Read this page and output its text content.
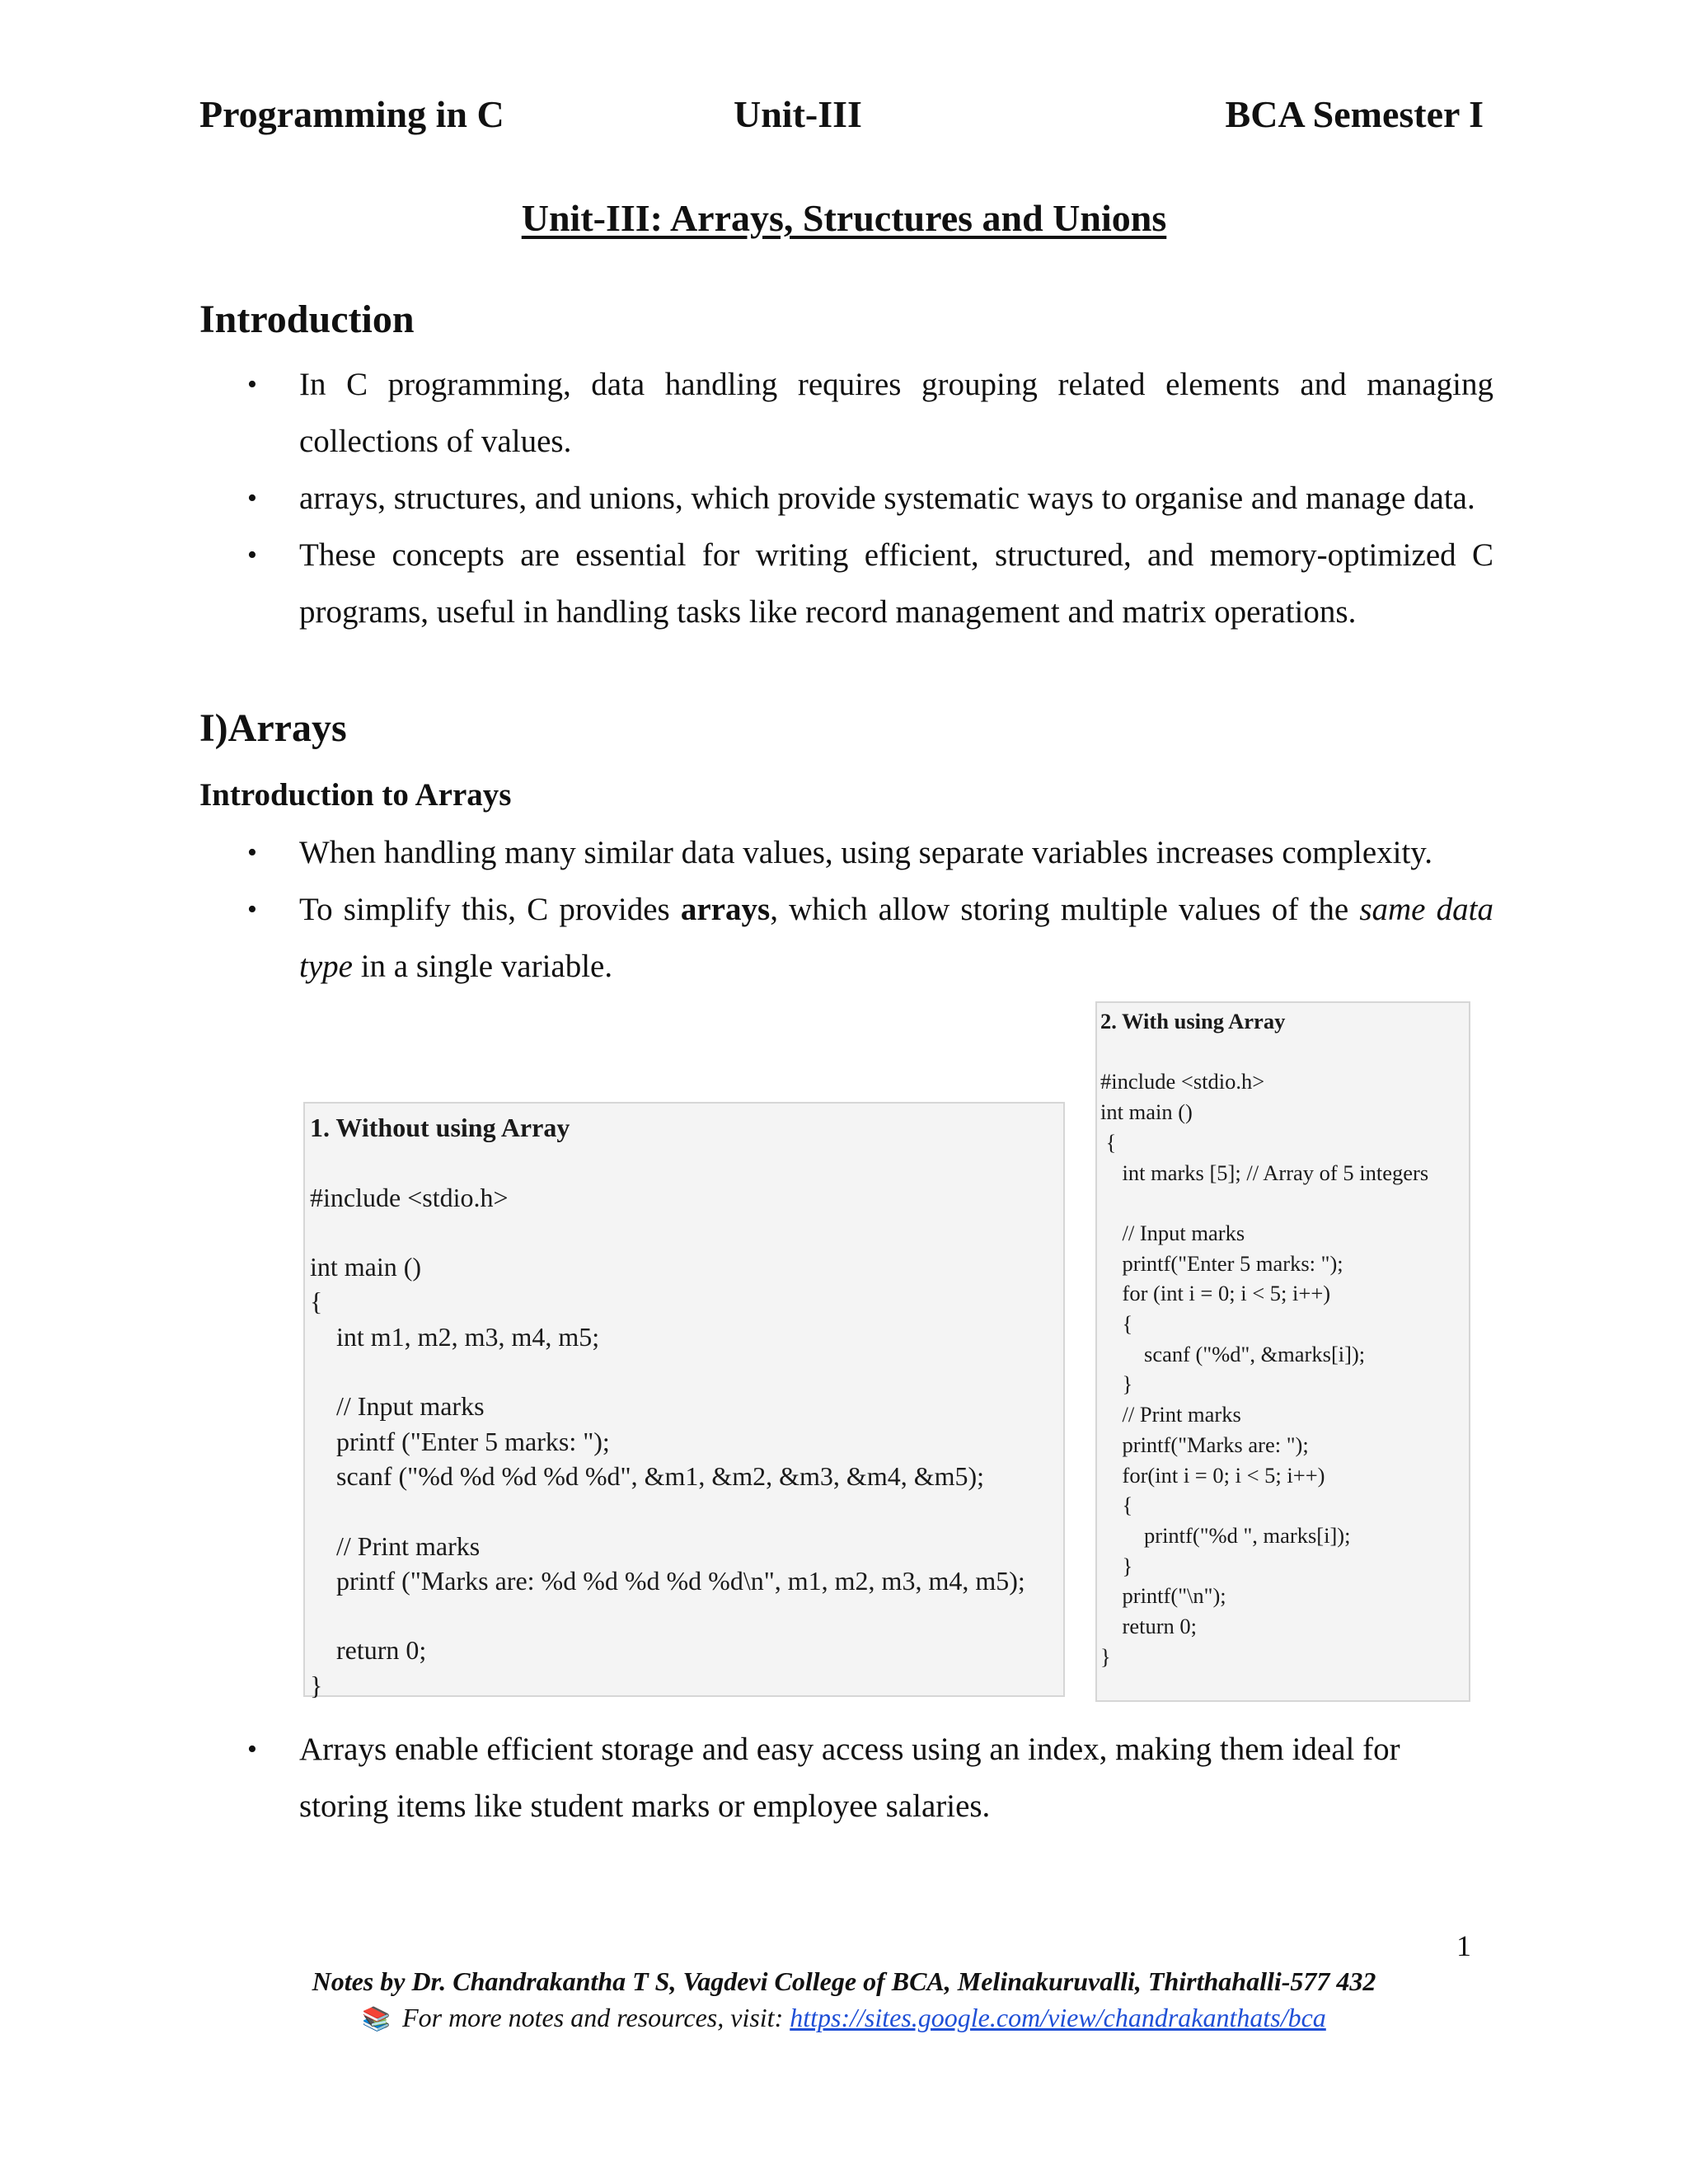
Programming in C	Unit-III	BCA Semester I
Unit-III: Arrays, Structures and Unions
Introduction
• In C programming, data handling requires grouping related elements and managing collections of values.
• arrays, structures, and unions, which provide systematic ways to organise and manage data.
• These concepts are essential for writing efficient, structured, and memory-optimized C programs, useful in handling tasks like record management and matrix operations.
I)Arrays
Introduction to Arrays
• When handling many similar data values, using separate variables increases complexity.
• To simplify this, C provides arrays, which allow storing multiple values of the same data type in a single variable.
1. Without using Array

#include <stdio.h>

int main ()
{
int m1, m2, m3, m4, m5;

// Input marks
printf ("Enter 5 marks: ");
scanf ("%d %d %d %d %d", &m1, &m2, &m3, &m4, &m5);

// Print marks
printf ("Marks are: %d %d %d %d %d\n", m1, m2, m3, m4, m5);

return 0;
}
2. With using Array

#include <stdio.h>
int main ()
{
int marks [5]; // Array of 5 integers

// Input marks
printf("Enter 5 marks: ");
for (int i = 0; i < 5; i++)
{
scanf ("%d", &marks[i]);
}
// Print marks
printf("Marks are: ");
for(int i = 0; i < 5; i++)
{
printf("%d ", marks[i]);
}
printf("\n");
return 0;
}
• Arrays enable efficient storage and easy access using an index, making them ideal for storing items like student marks or employee salaries.
1
Notes by Dr. Chandrakantha T S, Vagdevi College of BCA, Melinakuruvalli, Thirthahalli-577 432
📚 For more notes and resources, visit: https://sites.google.com/view/chandrakanthats/bca
